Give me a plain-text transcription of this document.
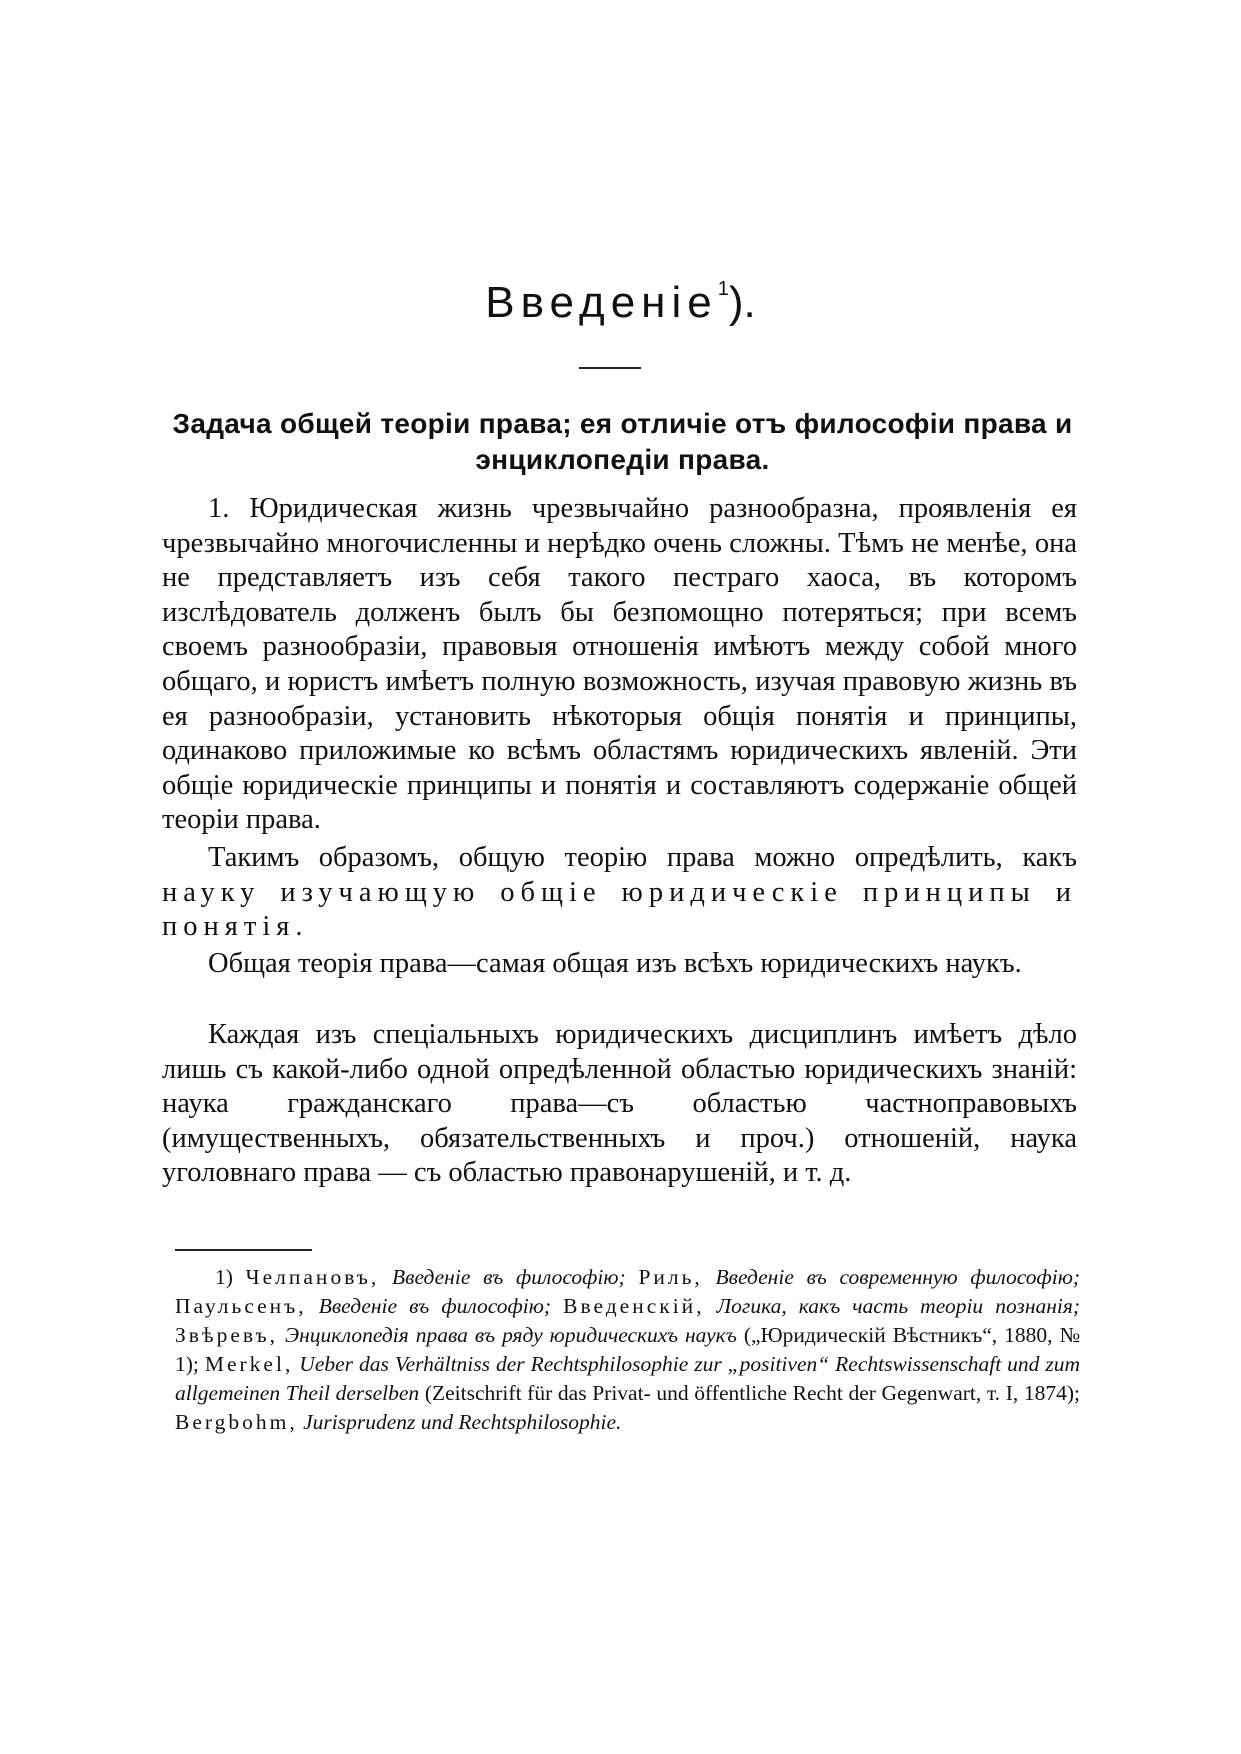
Введенie$^1$).
Задача общей теоріи права; ея отличіе отъ философіи права и энциклопедіи права.

1. Юридическая жизнь чрезвычайно разнообразна, проявленія ея чрезвычайно многочисленны и нерѣдко очень сложны. Тѣмъ не менѣе, она не представляетъ изъ себя такого пестраго хаоса, въ которомъ изслѣдователь долженъ былъ бы безпомощно потеряться; при всемъ своемъ разнообразіи, правовыя отношенія имѣютъ между собой много общаго, и юристъ имѣетъ полную возможность, изучая правовую жизнь въ ея разнообразіи, установить нѣкоторыя общія понятія и принципы, одинаково приложимые ко всѣмъ областямъ юридическихъ явленій. Эти общіе юридическіе принципы и понятія и составляютъ содержаніе общей теоріи права.

Такимъ образомъ, общую теорію права можно опредѣлить, какъ науку изучающую общіе юридическіе принципы и понятія.

Общая теорія права—самая общая изъ всѣхъ юридическихъ наукъ.

Каждая изъ спеціальныхъ юридическихъ дисциплинъ имѣетъ дѣло лишь съ какой-либо одной опредѣленной областью юридическихъ знаній: наука гражданскаго права—съ областью частноправовыхъ (имущественныхъ, обязательственныхъ и проч.) отношеній, наука уголовнаго права — съ областью правонарушеній, и т. д.

1) Челпановъ, Введеніе въ философію; Риль, Введеніе въ современную философію; Паульсенъ, Введеніе въ философію; Введенскій, Логика, какъ часть теоріи познанія; Звѣревъ, Энциклопедія права въ ряду юридическихъ наукъ („Юридическій Вѣстникъ“, 1880, № 1); Merkel, Ueber das Verhältniss der Rechtsphilosophie zur „positiven“ Rechtswissenschaft und zum allgemeinen Theil derselben (Zeitschrift für das Privat- und öffentliche Recht der Gegenwart, т. I, 1874); Bergbohm, Jurisprudenz und Rechtsphilosophie.
